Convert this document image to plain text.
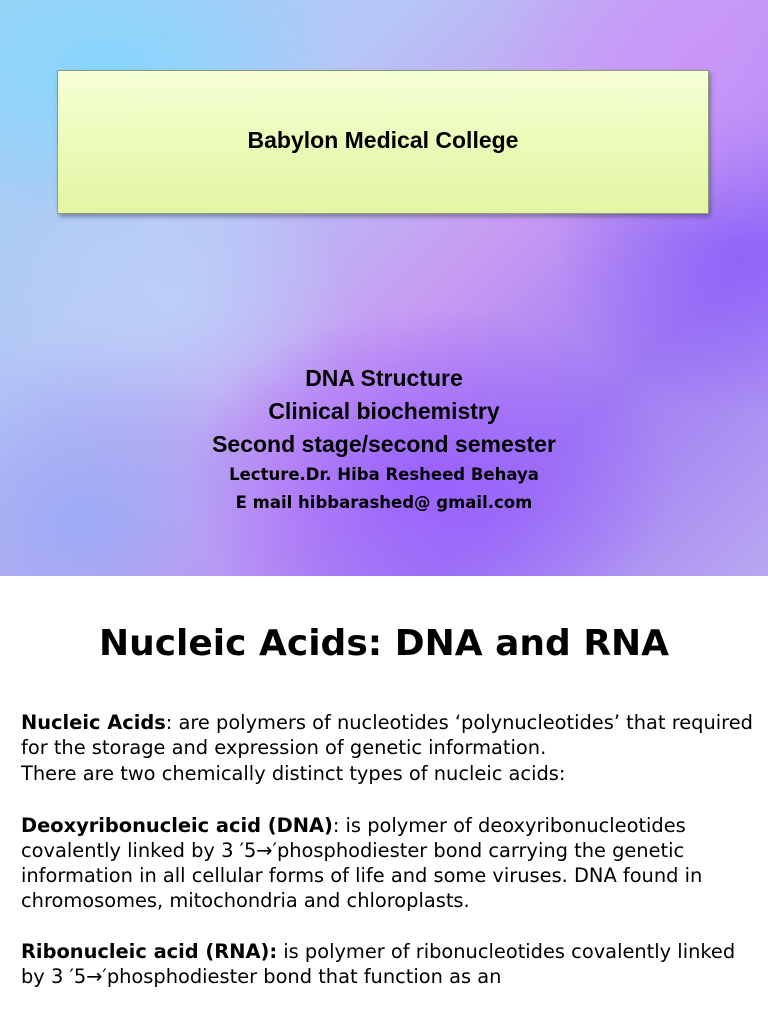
Babylon Medical College

DNA Structure

Clinical biochemistry

Second stage/second semester

Lecture.Dr. Hiba Resheed Behaya

E mail hibbarashed@ gmail.com

Nucleic Acids: DNA and RNA

Nucleic Acids: are polymers of nucleotides ‘polynucleotides’ that required for the storage and expression of genetic information.

There are two chemically distinct types of nucleic acids:

Deoxyribonucleic acid (DNA): is polymer of deoxyribonucleotides covalently linked by 3 ′5→′phosphodiester bond carrying the genetic information in all cellular forms of life and some viruses. DNA found in chromosomes, mitochondria and chloroplasts.

Ribonucleic acid (RNA): is polymer of ribonucleotides covalently linked by 3 ′5→′phosphodiester bond that function as an
